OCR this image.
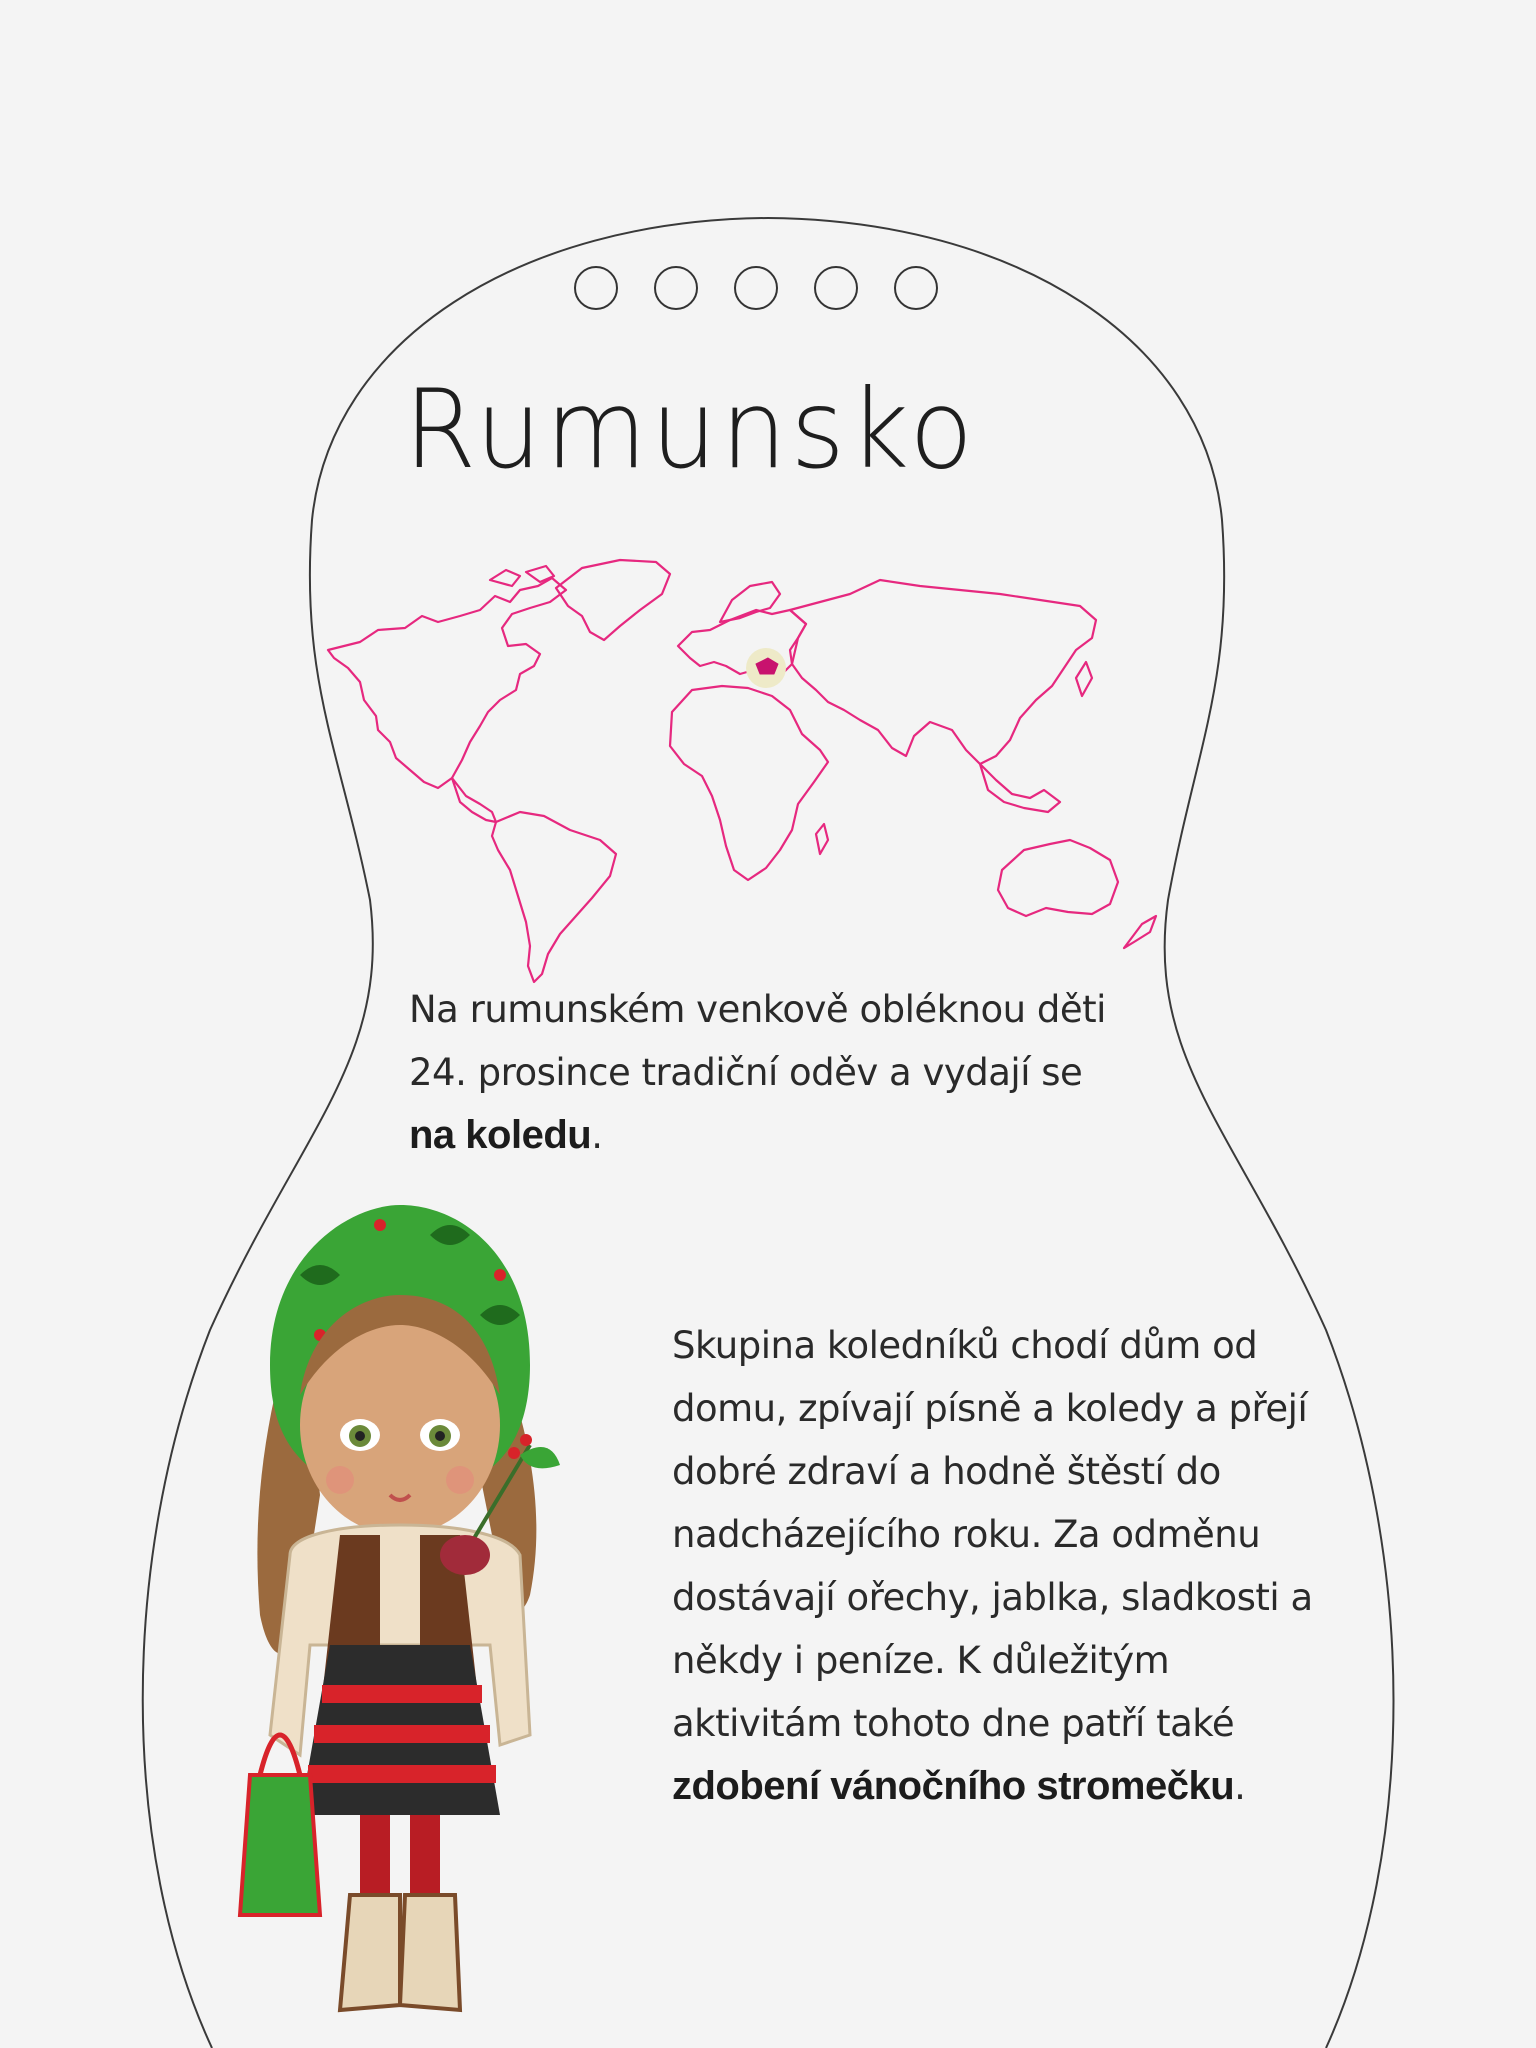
Rumunsko
Na rumunském venkově obléknou děti 24. prosince tradiční oděv a vydají se na koledu.
Skupina koledníků chodí dům od domu, zpívají písně a koledy a přejí dobré zdraví a hodně štěstí do nadcházejícího roku. Za odměnu dostávají ořechy, jablka, sladkosti a někdy i peníze. K důležitým aktivitám tohoto dne patří také zdobení vánočního stromečku.
